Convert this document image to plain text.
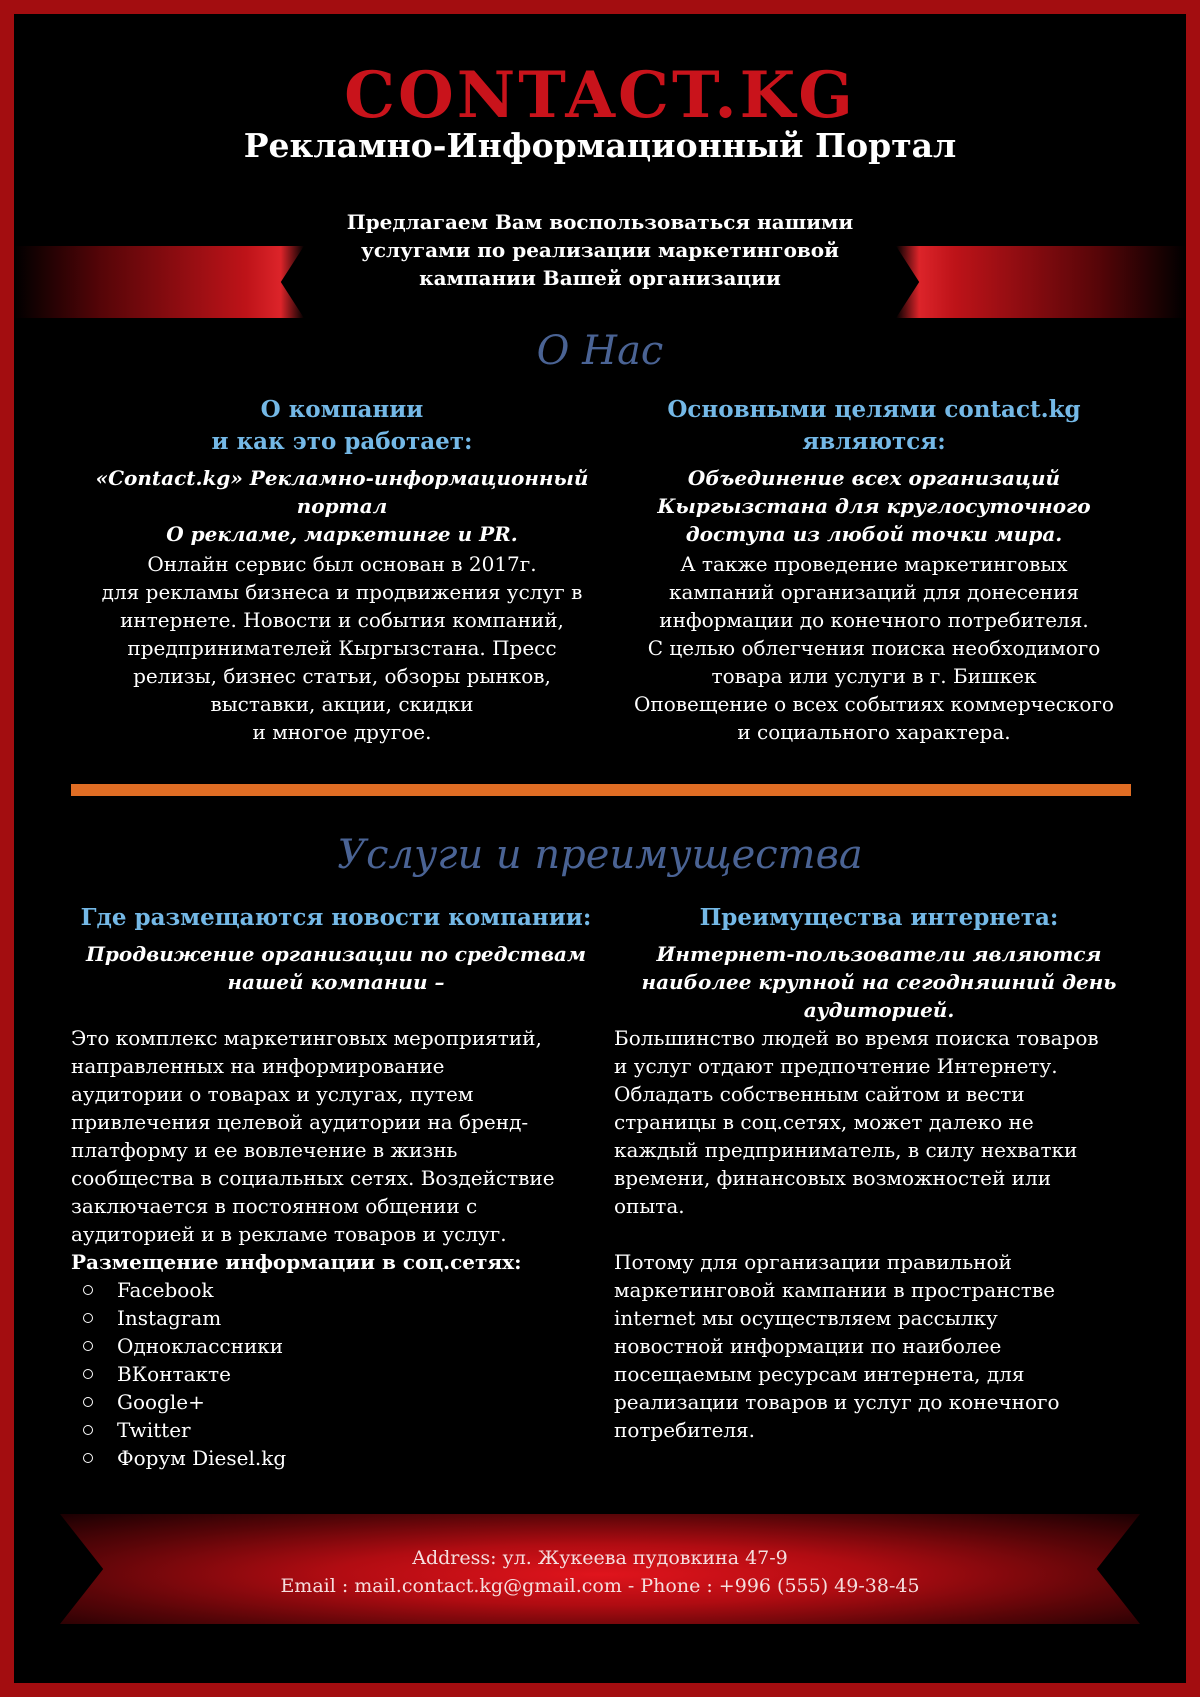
CONTACT.KG
Рекламно-Информационный Портал
Предлагаем Вам воспользоваться нашими
услугами по реализации маркетинговой
кампании Вашей организации
О Нас
О компании
и как это работает:
«Contact.kg» Рекламно-информационный
портал
О рекламе, маркетинге и PR.
Онлайн сервис был основан в 2017г.
для рекламы бизнеса и продвижения услуг в
интернете. Новости и события компаний,
предпринимателей Кыргызстана. Пресс
релизы, бизнес статьи, обзоры рынков,
выставки, акции, скидки
и многое другое.
Основными целями contact.kg
являются:
Объединение всех организаций
Кыргызстана для круглосуточного
доступа из любой точки мира.
А также проведение маркетинговых
кампаний организаций для донесения
информации до конечного потребителя.
С целью облегчения поиска необходимого
товара или услуги в г. Бишкек
Оповещение о всех событиях коммерческого
и социального характера.
Услуги и преимущества
Где размещаются новости компании:
Продвижение организации по средствам
нашей компании –
Это комплекс маркетинговых мероприятий,
направленных на информирование
аудитории о товарах и услугах, путем
привлечения целевой аудитории на бренд-
платформу и ее вовлечение в жизнь
сообщества в социальных сетях. Воздействие
заключается в постоянном общении с
аудиторией и в рекламе товаров и услуг.
Размещение информации в соц.сетях:
Facebook
Instagram
Одноклассники
ВКонтакте
Google+
Twitter
Форум Diesel.kg
Преимущества интернета:
Интернет-пользователи являются
наиболее крупной на сегодняшний день
аудиторией.
Большинство людей во время поиска товаров
и услуг отдают предпочтение Интернету.
Обладать собственным сайтом и вести
страницы в соц.сетях, может далеко не
каждый предприниматель, в силу нехватки
времени, финансовых возможностей или
опыта.
Потому для организации правильной
маркетинговой кампании в пространстве
internet мы осуществляем рассылку
новостной информации по наиболее
посещаемым ресурсам интернета, для
реализации товаров и услуг до конечного
потребителя.
Address: ул. Жукеева пудовкина 47-9
Email : mail.contact.kg@gmail.com - Phone : +996 (555) 49-38-45
